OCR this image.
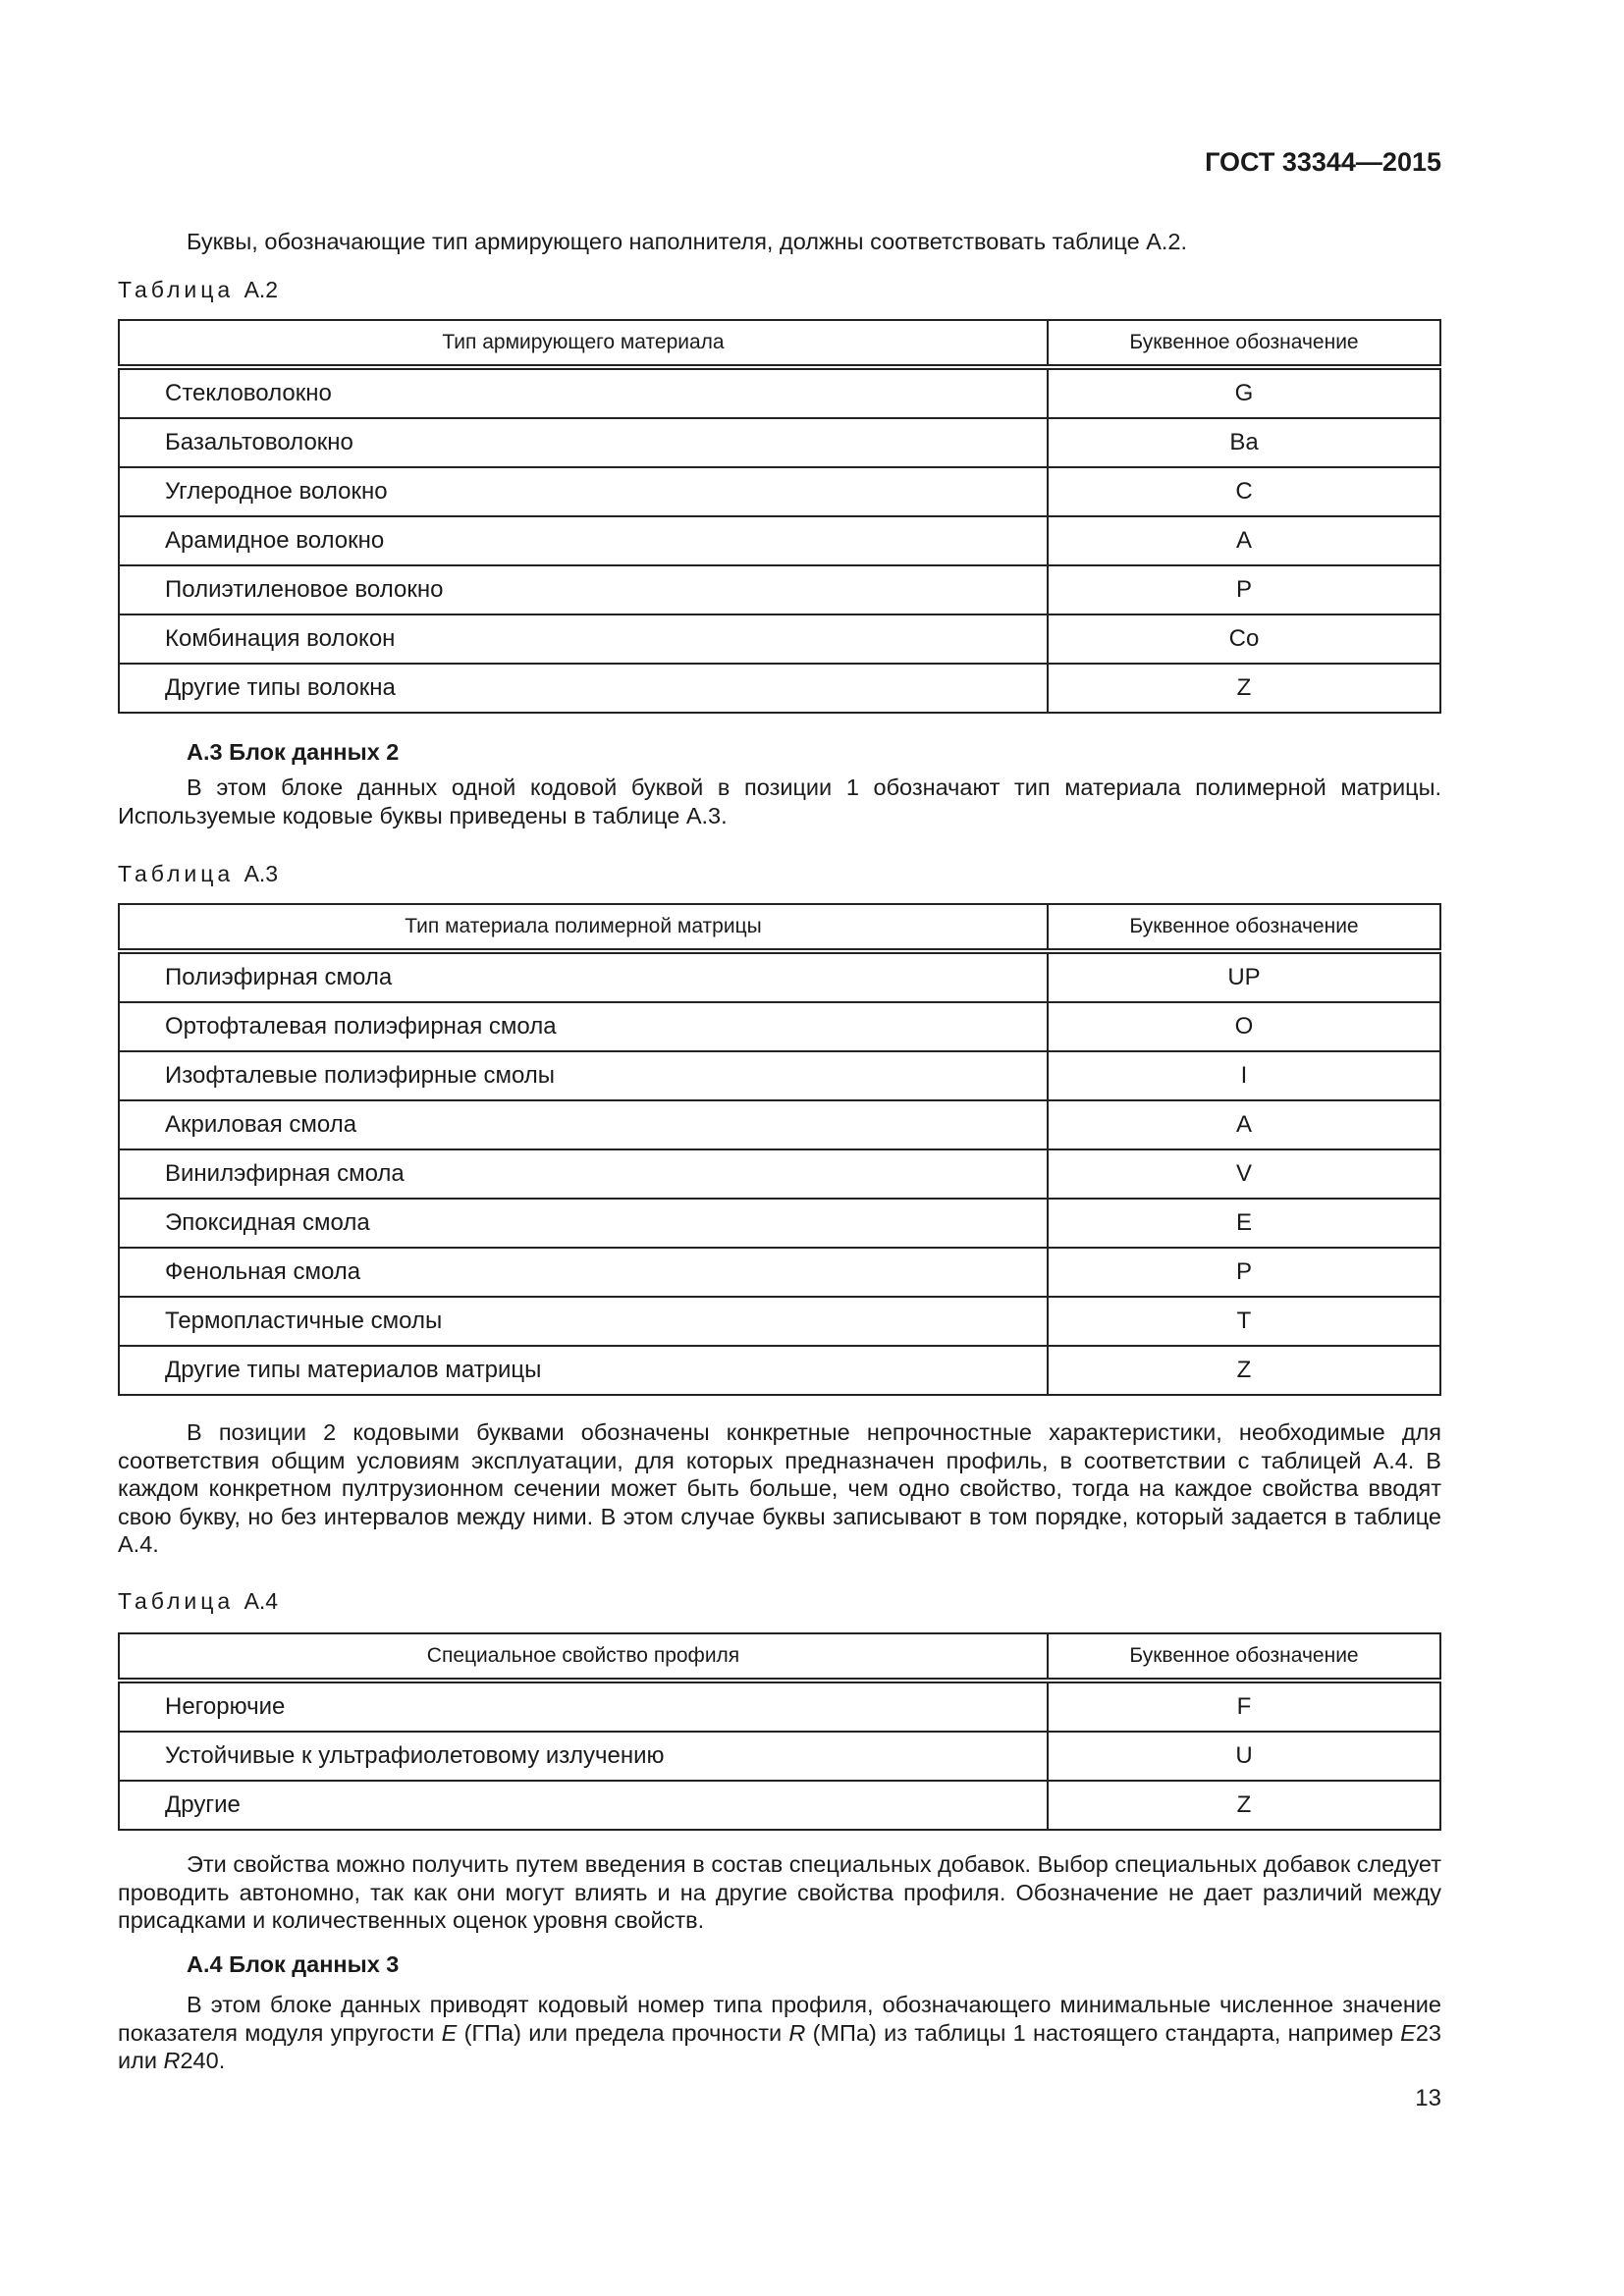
ГОСТ 33344—2015
Буквы, обозначающие тип армирующего наполнителя, должны соответствовать таблице А.2.
Таблица А.2
Тип армирующего материала	Буквенное обозначение
Стекловолокно	G
Базальтоволокно	Ba
Углеродное волокно	C
Арамидное волокно	A
Полиэтиленовое волокно	P
Комбинация волокон	Co
Другие типы волокна	Z
А.3 Блок данных 2
В этом блоке данных одной кодовой буквой в позиции 1 обозначают тип материала полимерной матрицы. Используемые кодовые буквы приведены в таблице А.3.
Таблица А.3
Тип материала полимерной матрицы	Буквенное обозначение
Полиэфирная смола	UP
Ортофталевая полиэфирная смола	O
Изофталевые полиэфирные смолы	I
Акриловая смола	A
Винилэфирная смола	V
Эпоксидная смола	E
Фенольная смола	P
Термопластичные смолы	T
Другие типы материалов матрицы	Z
В позиции 2 кодовыми буквами обозначены конкретные непрочностные характеристики, необходимые для соответствия общим условиям эксплуатации, для которых предназначен профиль, в соответствии с таблицей А.4. В каждом конкретном пултрузионном сечении может быть больше, чем одно свойство, тогда на каждое свойства вводят свою букву, но без интервалов между ними. В этом случае буквы записывают в том порядке, который задается в таблице А.4.
Таблица А.4
Специальное свойство профиля	Буквенное обозначение
Негорючие	F
Устойчивые к ультрафиолетовому излучению	U
Другие	Z
Эти свойства можно получить путем введения в состав специальных добавок. Выбор специальных добавок следует проводить автономно, так как они могут влиять и на другие свойства профиля. Обозначение не дает различий между присадками и количественных оценок уровня свойств.
А.4 Блок данных 3
В этом блоке данных приводят кодовый номер типа профиля, обозначающего минимальные численное значение показателя модуля упругости E (ГПа) или предела прочности R (МПа) из таблицы 1 настоящего стандарта, например E23 или R240.
13
